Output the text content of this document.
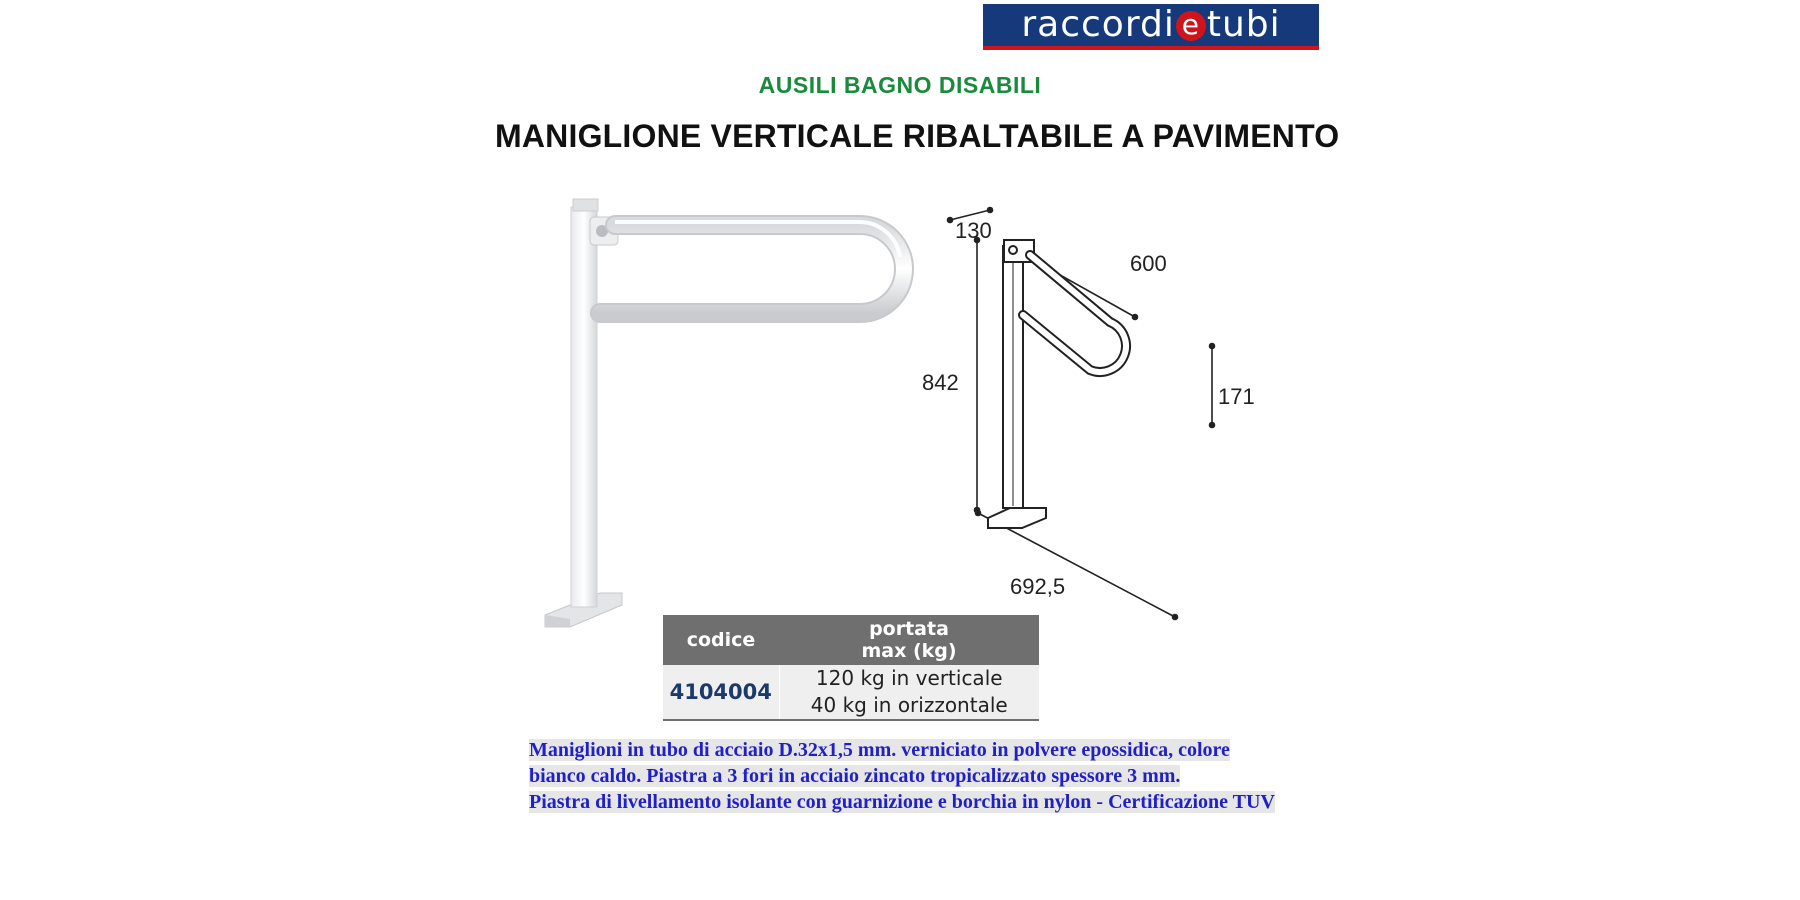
raccordi e tubi
AUSILI BAGNO DISABILI
MANIGLIONE VERTICALE RIBALTABILE A PAVIMENTO
130
600
842
171
692,5
codice	portata
max (kg)

4104004	120 kg in verticale
40 kg in orizzontale

Maniglioni in tubo di acciaio D.32x1,5 mm. verniciato in polvere epossidica, colore bianco caldo. Piastra a 3 fori in acciaio zincato tropicalizzato spessore 3 mm.

Piastra di livellamento isolante con guarnizione e borchia in nylon - Certificazione TUV
